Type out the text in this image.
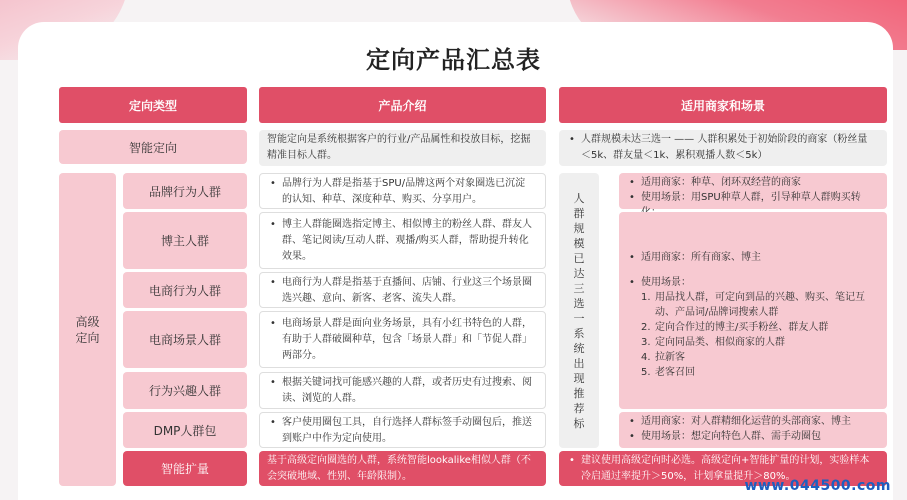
定向产品汇总表
定向类型	产品介绍	适用商家和场景
智能定向
智能定向是系统根据客户的行业/产品属性和投放目标，挖掘精准目标人群。
• 人群规模未达三选一 —— 人群积累处于初始阶段的商家（粉丝量＜5k、群友量＜1k、累积观播人数＜5k）
高级
定向
品牌行为人群
• 品牌行为人群是指基于SPU/品牌这两个对象圈选已沉淀的认知、种草、深度种草、购买、分享用户。
博主人群
• 博主人群能圈选指定博主、相似博主的粉丝人群、群友人群、笔记阅读/互动人群、观播/购买人群，帮助提升转化效果。
电商行为人群
• 电商行为人群是指基于直播间、店铺、行业这三个场景圈选兴趣、意向、新客、老客、流失人群。
电商场景人群
• 电商场景人群是面向业务场景，具有小红书特色的人群，有助于人群破圈种草，包含「场景人群」和「节促人群」两部分。
行为兴趣人群
• 根据关键词找可能感兴趣的人群，或者历史有过搜索、阅读、浏览的人群。
DMP人群包
• 客户使用圈包工具，自行选择人群标签手动圈包后，推送到账户中作为定向使用。
智能扩量
基于高级定向圈选的人群，系统智能lookalike相似人群（不会突破地域、性别、年龄限制）。
人群规模已达三选一 系统出现推荐标
• 适用商家：种草、闭环双经营的商家
• 使用场景：用SPU种草人群，引导种草人群购买转
• 适用商家：所有商家、博主
• 使用场景：
1. 用品找人群，可定向到品的兴趣、购买、笔记互动、产品词/品牌词搜索人群
2. 定向合作过的博主/买手粉丝、群友人群
3. 定向同品类、相似商家的人群
4. 拉新客
5. 老客召回
• 适用商家：对人群精细化运营的头部商家、博主
• 使用场景：想定向特色人群、需手动圈包
• 建议使用高级定向时必选。高级定向+智能扩量的计划，实验样本冷启通过率提升＞50%，计划拿量提升＞80%。
www.044500.com
